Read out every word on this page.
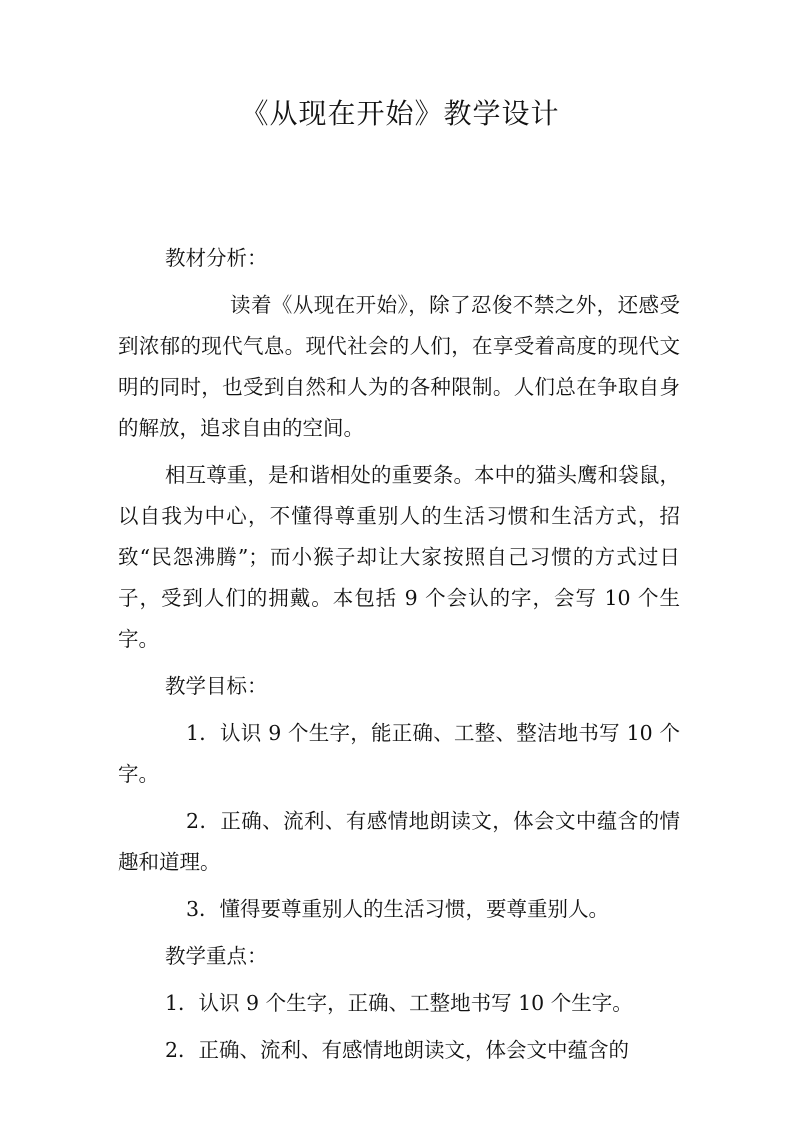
《从现在开始》教学设计

教材分析：

读着《从现在开始》，除了忍俊不禁之外，还感受到浓郁的现代气息。现代社会的人们，在享受着高度的现代文明的同时，也受到自然和人为的各种限制。人们总在争取自身的解放，追求自由的空间。

相互尊重，是和谐相处的重要条。本中的猫头鹰和袋鼠，以自我为中心，不懂得尊重别人的生活习惯和生活方式，招致“民怨沸腾”；而小猴子却让大家按照自己习惯的方式过日子，受到人们的拥戴。本包括 9 个会认的字，会写 10 个生字。

教学目标：

1．认识 9 个生字，能正确、工整、整洁地书写 10 个字。

2．正确、流利、有感情地朗读文，体会文中蕴含的情趣和道理。

3．懂得要尊重别人的生活习惯，要尊重别人。

教学重点：

1．认识 9 个生字，正确、工整地书写 10 个生字。

2．正确、流利、有感情地朗读文，体会文中蕴含的
